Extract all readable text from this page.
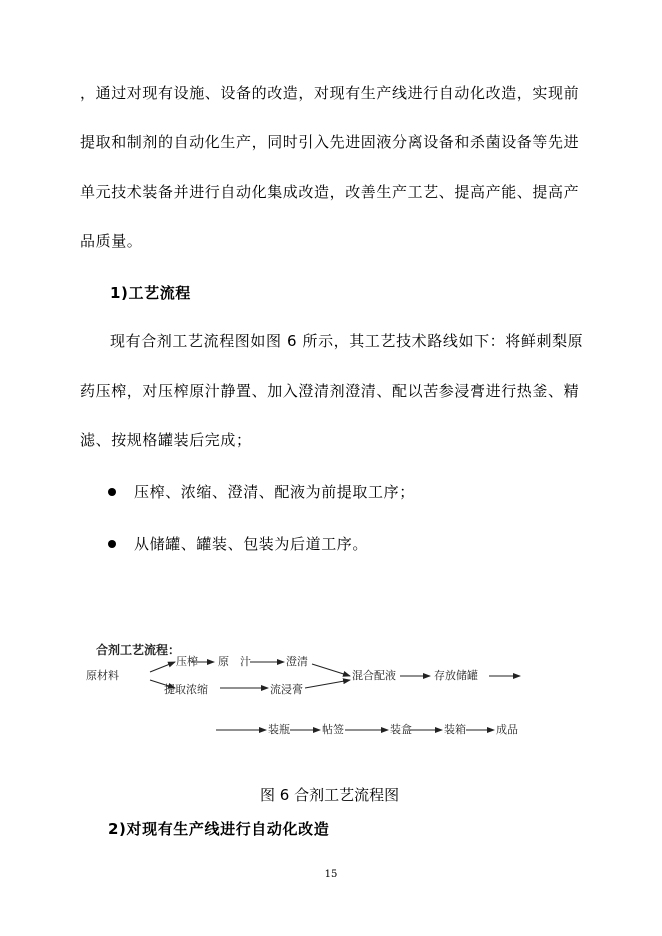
，通过对现有设施、设备的改造，对现有生产线进行自动化改造，实现前
提取和制剂的自动化生产，同时引入先进固液分离设备和杀菌设备等先进
单元技术装备并进行自动化集成改造，改善生产工艺、提高产能、提高产
品质量。
1)工艺流程
现有合剂工艺流程图如图 6 所示，其工艺技术路线如下：将鲜刺梨原
药压榨，对压榨原汁静置、加入澄清剂澄清、配以苦参浸膏进行热釜、精
滤、按规格罐装后完成；
压榨、浓缩、澄清、配液为前提取工序；
从储罐、罐装、包装为后道工序。
合剂工艺流程：
原材料
压榨 原　汁	澄清
提取浓缩	流浸膏
混合配液	存放储罐
装瓶	帖签	装盒	装箱	成品
图 6 合剂工艺流程图
2)对现有生产线进行自动化改造
15
